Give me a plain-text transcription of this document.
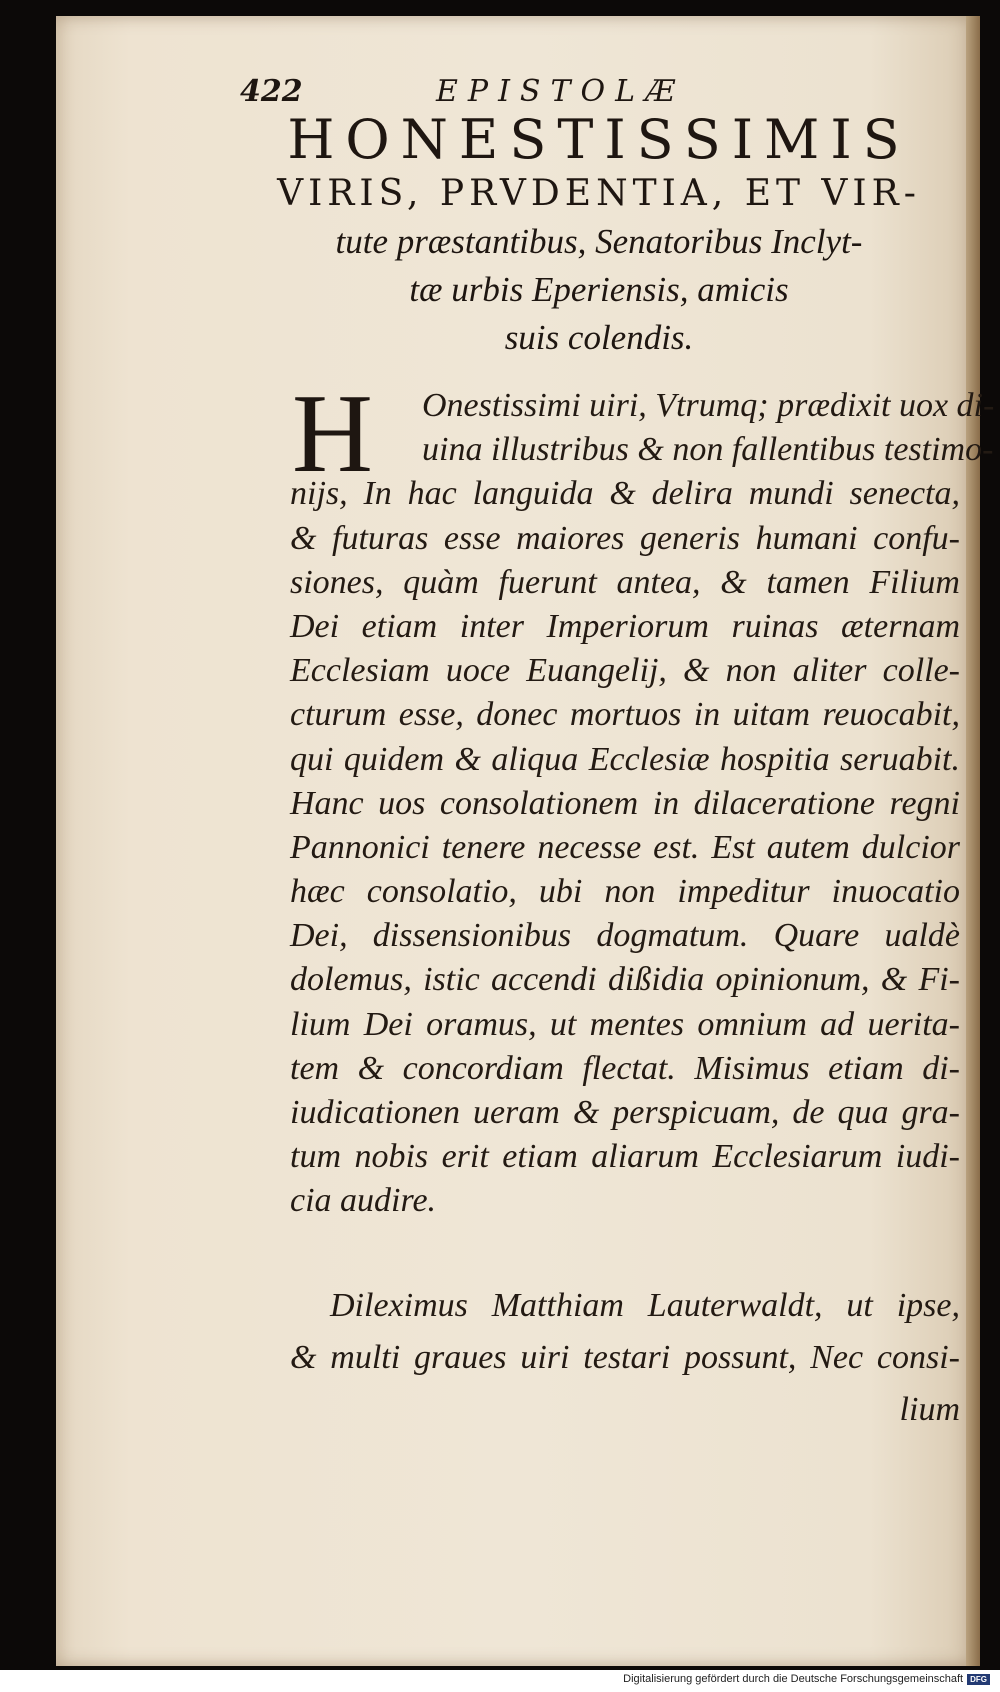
422	EPISTOLÆ
HONESTISSIMIS
VIRIS, PRVDENTIA, ET VIR-
tute præstantibus, Senatoribus Inclyt-
tæ urbis Eperiensis, amicis
suis colendis.
H	Onestissimi uiri, Vtrumq; prædixit uox di-
uina illustribus & non fallentibus testimo-
nijs, In hac languida & delira mundi senecta,
& futuras esse maiores generis humani confu-
siones, quàm fuerunt antea, & tamen Filium
Dei etiam inter Imperiorum ruinas æternam
Ecclesiam uoce Euangelij, & non aliter colle-
cturum esse, donec mortuos in uitam reuocabit,
qui quidem & aliqua Ecclesiæ hospitia seruabit.
Hanc uos consolationem in dilaceratione regni
Pannonici tenere necesse est. Est autem dulcior
hæc consolatio, ubi non impeditur inuocatio
Dei, dissensionibus dogmatum. Quare ualdè
dolemus, istic accendi dißidia opinionum, & Fi-
lium Dei oramus, ut mentes omnium ad uerita-
tem & concordiam flectat. Misimus etiam di-
iudicationen ueram & perspicuam, de qua gra-
tum nobis erit etiam aliarum Ecclesiarum iudi-
cia audire.
Dileximus Matthiam Lauterwaldt, ut ipse,
& multi graues uiri testari possunt, Nec consi-
lium
Digitalisierung gefördert durch die Deutsche Forschungsgemeinschaft DFG
